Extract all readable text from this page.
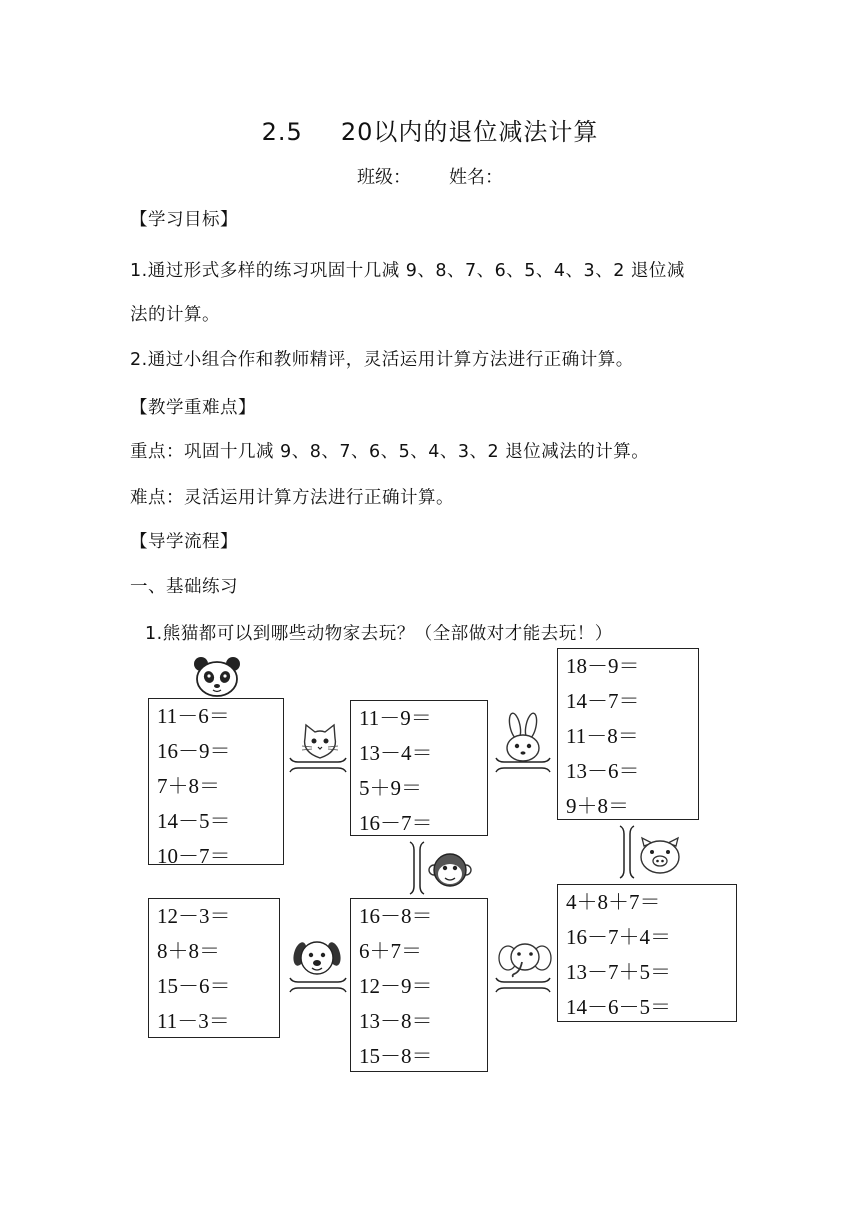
2.5 20以内的退位减法计算
班级： 姓名：
【学习目标】
1.通过形式多样的练习巩固十几减 9、8、7、6、5、4、3、2 退位减
法的计算。
2.通过小组合作和教师精评，灵活运用计算方法进行正确计算。
【教学重难点】
重点：巩固十几减 9、8、7、6、5、4、3、2 退位减法的计算。
难点：灵活运用计算方法进行正确计算。
【导学流程】
一、基础练习
1.熊猫都可以到哪些动物家去玩？（全部做对才能去玩！）
11－6＝
16－9＝
7＋8＝
14－5＝
10－7＝
11－9＝
13－4＝
5＋9＝
16－7＝
18－9＝
14－7＝
11－8＝
13－6＝
9＋8＝
4＋8＋7＝
16－7＋4＝
13－7＋5＝
14－6－5＝
16－8＝
6＋7＝
12－9＝
13－8＝
15－8＝
12－3＝
8＋8＝
15－6＝
11－3＝
